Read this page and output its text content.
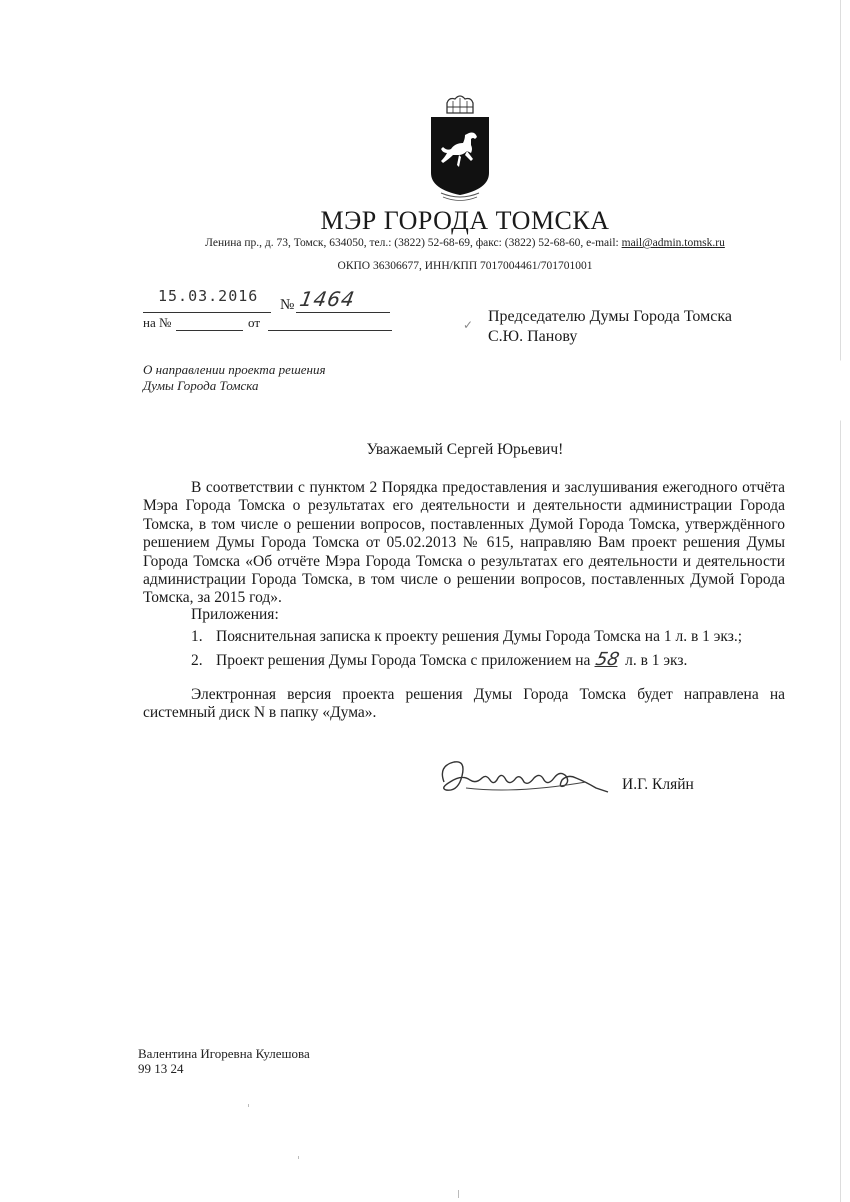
МЭР ГОРОДА ТОМСКА
Ленина пр., д. 73, Томск, 634050, тел.: (3822) 52-68-69, факс: (3822) 52-68-60, e-mail: mail@admin.tomsk.ru
ОКПО 36306677, ИНН/КПП 7017004461/701701001
15.03.2016 № 1464
на №	от	✓ Председателю Думы Города Томска
С.Ю. Панову
О направлении проекта решения
Думы Города Томска
Уважаемый Сергей Юрьевич!
В соответствии с пунктом 2 Порядка предоставления и заслушивания ежегодного отчёта Мэра Города Томска о результатах его деятельности и деятельности администрации Города Томска, в том числе о решении вопросов, поставленных Думой Города Томска, утверждённого решением Думы Города Томска от 05.02.2013 № 615, направляю Вам проект решения Думы Города Томска «Об отчёте Мэра Города Томска о результатах его деятельности и деятельности администрации Города Томска, в том числе о решении вопросов, поставленных Думой Города Томска, за 2015 год».
Приложения:
1. Пояснительная записка к проекту решения Думы Города Томска на 1 л. в 1 экз.;
2. Проект решения Думы Города Томска с приложением на 58 л. в 1 экз.
Электронная версия проекта решения Думы Города Томска будет направлена на системный диск N в папку «Дума».
И.Г. Кляйн
Валентина Игоревна Кулешова
99 13 24
